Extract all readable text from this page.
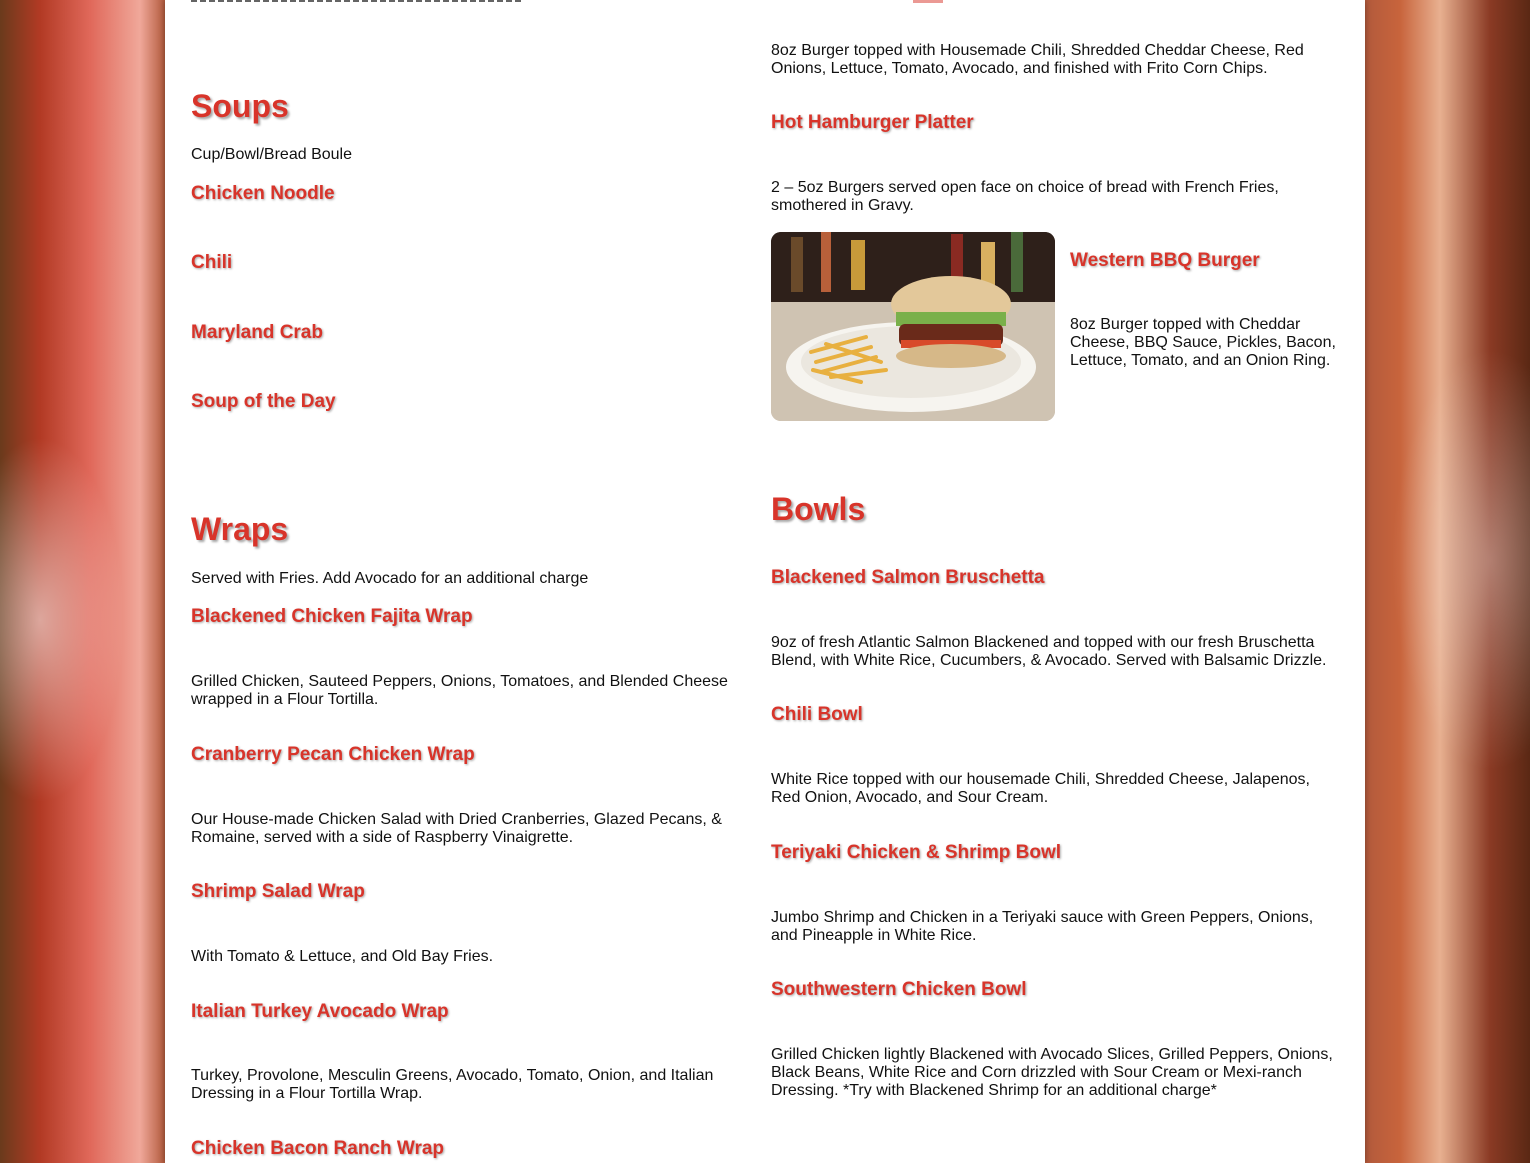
Soups

Cup/Bowl/Bread Boule

Chicken Noodle
Chili
Maryland Crab
Soup of the Day
Wraps

Served with Fries. Add Avocado for an additional charge

Blackened Chicken Fajita Wrap

Grilled Chicken, Sauteed Peppers, Onions, Tomatoes, and Blended Cheese wrapped in a Flour Tortilla.

Cranberry Pecan Chicken Wrap

Our House-made Chicken Salad with Dried Cranberries, Glazed Pecans, & Romaine, served with a side of Raspberry Vinaigrette.

Shrimp Salad Wrap

With Tomato & Lettuce, and Old Bay Fries.

Italian Turkey Avocado Wrap

Turkey, Provolone, Mesculin Greens, Avocado, Tomato, Onion, and Italian Dressing in a Flour Tortilla Wrap.

Chicken Bacon Ranch Wrap

8oz Burger topped with Housemade Chili, Shredded Cheddar Cheese, Red Onions, Lettuce, Tomato, Avocado, and finished with Frito Corn Chips.

Hot Hamburger Platter

2 – 5oz Burgers served open face on choice of bread with French Fries, smothered in Gravy.

Western BBQ Burger

8oz Burger topped with Cheddar Cheese, BBQ Sauce, Pickles, Bacon, Lettuce, Tomato, and an Onion Ring.

Bowls
Blackened Salmon Bruschetta

9oz of fresh Atlantic Salmon Blackened and topped with our fresh Bruschetta Blend, with White Rice, Cucumbers, & Avocado. Served with Balsamic Drizzle.

Chili Bowl

White Rice topped with our housemade Chili, Shredded Cheese, Jalapenos, Red Onion, Avocado, and Sour Cream.

Teriyaki Chicken & Shrimp Bowl

Jumbo Shrimp and Chicken in a Teriyaki sauce with Green Peppers, Onions, and Pineapple in White Rice.

Southwestern Chicken Bowl

Grilled Chicken lightly Blackened with Avocado Slices, Grilled Peppers, Onions, Black Beans, White Rice and Corn drizzled with Sour Cream or Mexi-ranch Dressing. *Try with Blackened Shrimp for an additional charge*
